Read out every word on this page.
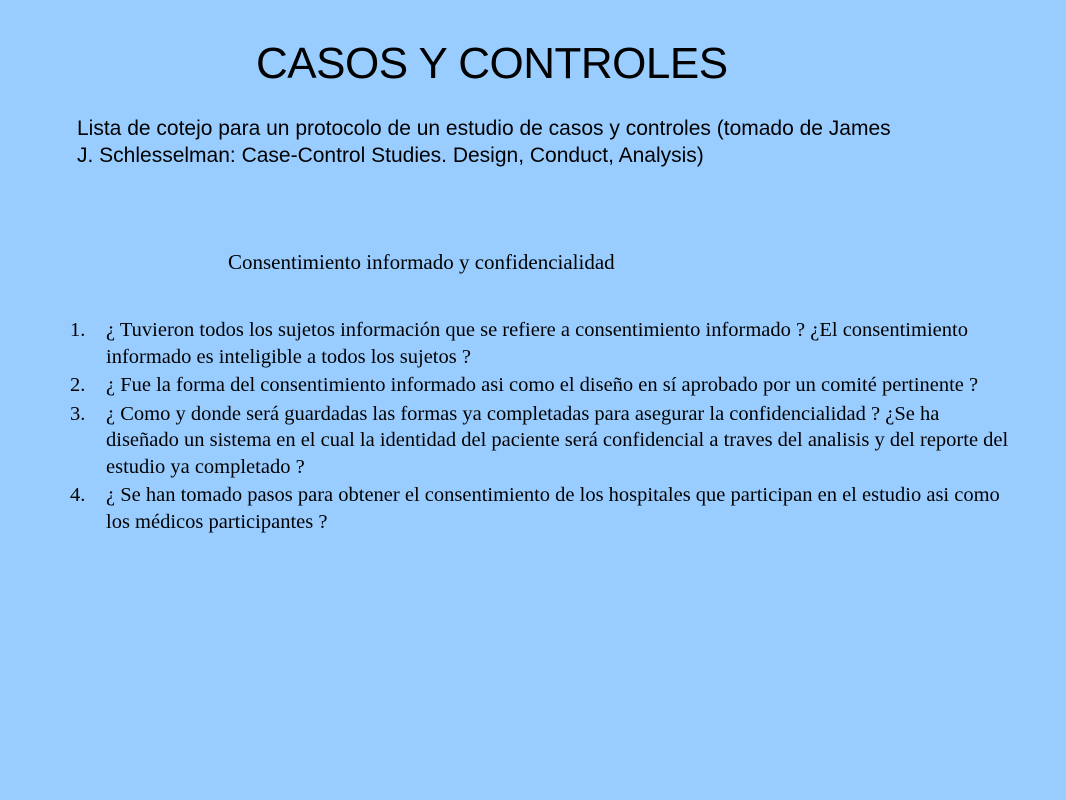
CASOS Y CONTROLES

Lista de cotejo para un protocolo de un estudio de casos y controles (tomado de James J. Schlesselman: Case-Control Studies. Design, Conduct, Analysis)

Consentimiento informado y confidencialidad
1. ¿ Tuvieron todos los sujetos información que se refiere a consentimiento informado ? ¿El consentimiento informado es inteligible a todos los sujetos ?
2. ¿ Fue la forma del consentimiento informado asi como el diseño en sí aprobado por un comité pertinente ?
3. ¿ Como y donde será guardadas las formas ya completadas para asegurar la confidencialidad ? ¿Se ha diseñado un sistema en el cual la identidad del paciente será confidencial a traves del analisis y del reporte del estudio ya completado ?
4. ¿ Se han tomado pasos para obtener el consentimiento de los hospitales que participan en el estudio asi como los médicos participantes ?
